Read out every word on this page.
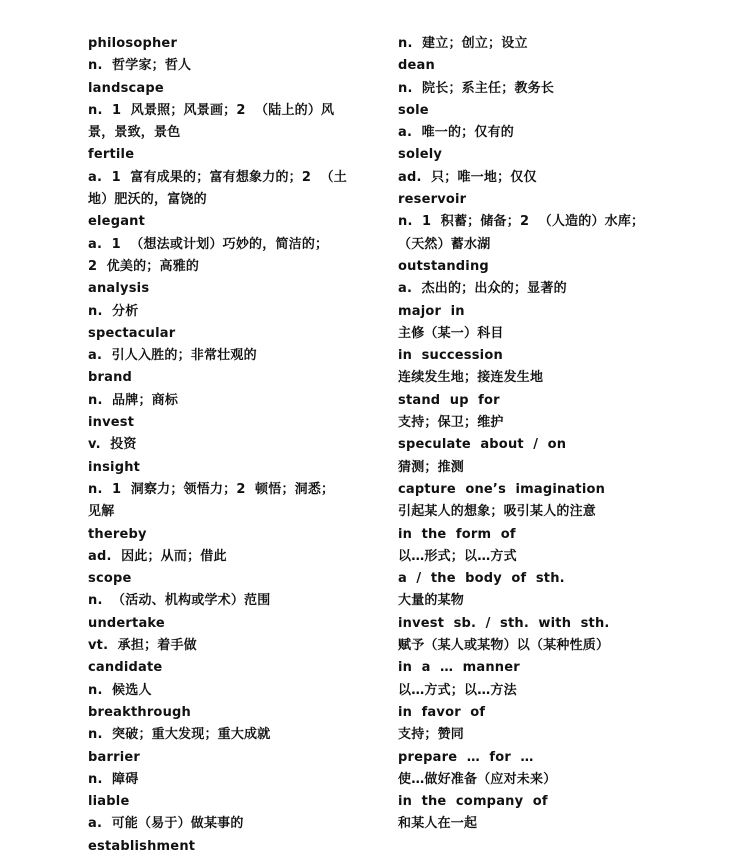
philosopher
n.  哲学家；哲人
landscape
n.  1  风景照；风景画；2  （陆上的）风
景，景致，景色
fertile
a.  1  富有成果的；富有想象力的；2  （土
地）肥沃的，富饶的
elegant
a.  1  （想法或计划）巧妙的，简洁的；
2  优美的；高雅的
analysis
n.  分析
spectacular
a.  引人入胜的；非常壮观的
brand
n.  品牌；商标
invest
v.  投资
insight
n.  1  洞察力；领悟力；2  顿悟；洞悉；
见解
thereby
ad.  因此；从而；借此
scope
n.  （活动、机构或学术）范围
undertake
vt.  承担；着手做
candidate
n.  候选人
breakthrough
n.  突破；重大发现；重大成就
barrier
n.  障碍
liable
a.  可能（易于）做某事的
establishment
n.  建立；创立；设立
dean
n.  院长；系主任；教务长
sole
a.  唯一的；仅有的
solely
ad.  只；唯一地；仅仅
reservoir
n.  1  积蓄；储备；2  （人造的）水库；
（天然）蓄水湖
outstanding
a.  杰出的；出众的；显著的
major  in
主修（某一）科目
in  succession
连续发生地；接连发生地
stand  up  for
支持；保卫；维护
speculate  about  /  on
猜测；推测
capture  one’s  imagination
引起某人的想象；吸引某人的注意
in  the  form  of
以…形式；以…方式
a  /  the  body  of  sth.
大量的某物
invest  sb.  /  sth.  with  sth.
赋予（某人或某物）以（某种性质）
in  a  …  manner
以…方式；以…方法
in  favor  of
支持；赞同
prepare  …  for  …
使…做好准备（应对未来）
in  the  company  of
和某人在一起
